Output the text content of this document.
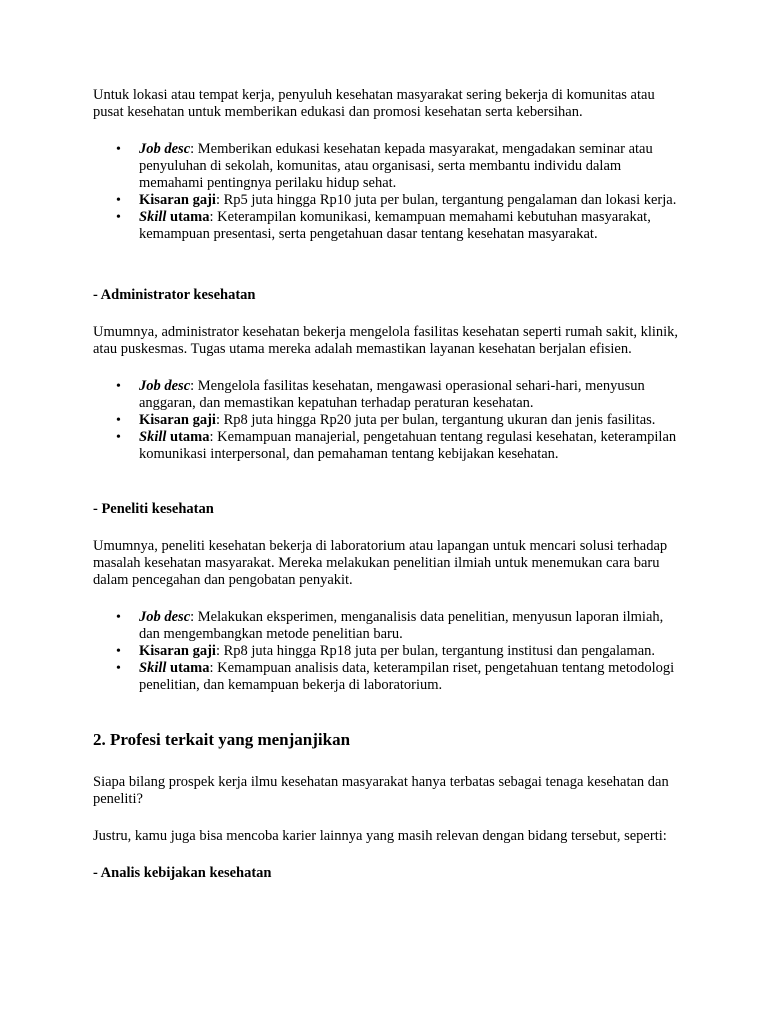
Untuk lokasi atau tempat kerja, penyuluh kesehatan masyarakat sering bekerja di komunitas atau pusat kesehatan untuk memberikan edukasi dan promosi kesehatan serta kebersihan.

• Job desc: Memberikan edukasi kesehatan kepada masyarakat, mengadakan seminar atau penyuluhan di sekolah, komunitas, atau organisasi, serta membantu individu dalam memahami pentingnya perilaku hidup sehat.
• Kisaran gaji: Rp5 juta hingga Rp10 juta per bulan, tergantung pengalaman dan lokasi kerja.
• Skill utama: Keterampilan komunikasi, kemampuan memahami kebutuhan masyarakat, kemampuan presentasi, serta pengetahuan dasar tentang kesehatan masyarakat.

- Administrator kesehatan

Umumnya, administrator kesehatan bekerja mengelola fasilitas kesehatan seperti rumah sakit, klinik, atau puskesmas. Tugas utama mereka adalah memastikan layanan kesehatan berjalan efisien.

• Job desc: Mengelola fasilitas kesehatan, mengawasi operasional sehari-hari, menyusun anggaran, dan memastikan kepatuhan terhadap peraturan kesehatan.
• Kisaran gaji: Rp8 juta hingga Rp20 juta per bulan, tergantung ukuran dan jenis fasilitas.
• Skill utama: Kemampuan manajerial, pengetahuan tentang regulasi kesehatan, keterampilan komunikasi interpersonal, dan pemahaman tentang kebijakan kesehatan.

- Peneliti kesehatan

Umumnya, peneliti kesehatan bekerja di laboratorium atau lapangan untuk mencari solusi terhadap masalah kesehatan masyarakat. Mereka melakukan penelitian ilmiah untuk menemukan cara baru dalam pencegahan dan pengobatan penyakit.

• Job desc: Melakukan eksperimen, menganalisis data penelitian, menyusun laporan ilmiah, dan mengembangkan metode penelitian baru.
• Kisaran gaji: Rp8 juta hingga Rp18 juta per bulan, tergantung institusi dan pengalaman.
• Skill utama: Kemampuan analisis data, keterampilan riset, pengetahuan tentang metodologi penelitian, dan kemampuan bekerja di laboratorium.

2. Profesi terkait yang menjanjikan

Siapa bilang prospek kerja ilmu kesehatan masyarakat hanya terbatas sebagai tenaga kesehatan dan peneliti?

Justru, kamu juga bisa mencoba karier lainnya yang masih relevan dengan bidang tersebut, seperti:

- Analis kebijakan kesehatan
